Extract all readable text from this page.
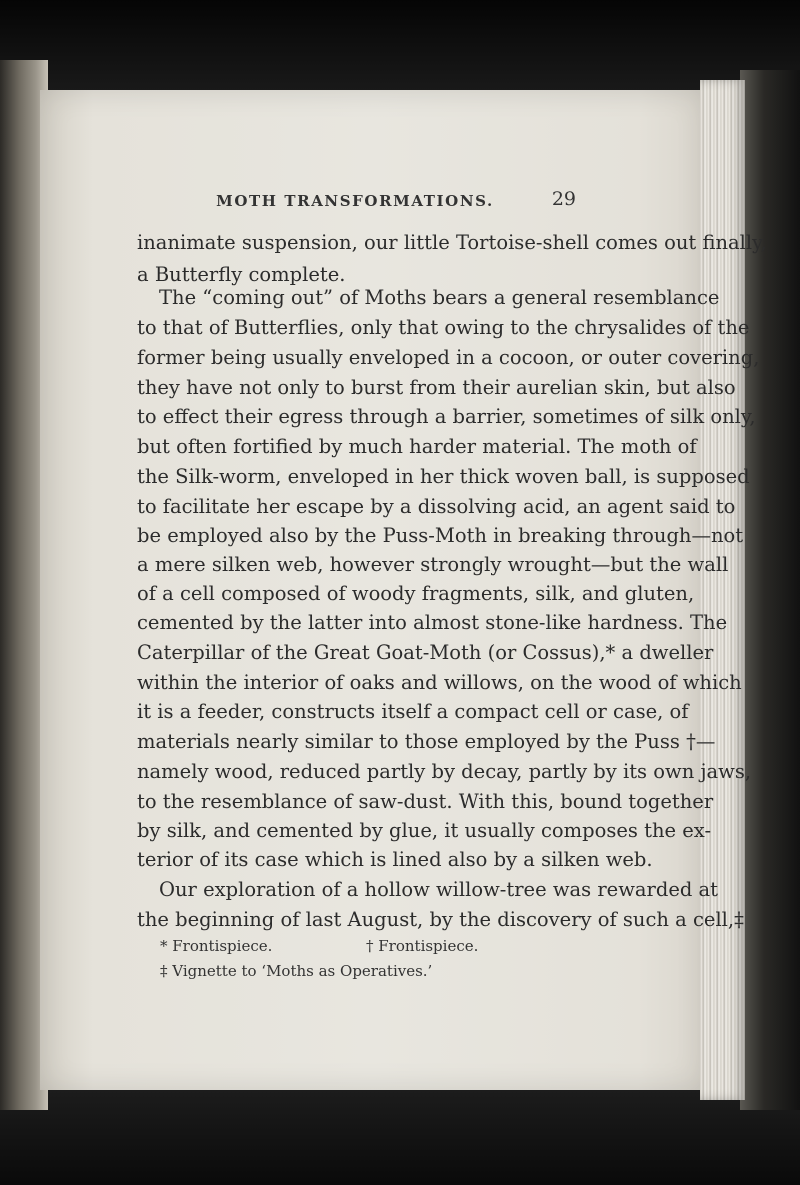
MOTH TRANSFORMATIONS.	29
inanimate suspension, our little Tortoise-shell comes out finally,
a Butterfly complete.
The “coming out” of Moths bears a general resemblance
to that of Butterflies, only that owing to the chrysalides of the
former being usually enveloped in a cocoon, or outer covering,
they have not only to burst from their aurelian skin, but also
to effect their egress through a barrier, sometimes of silk only,
but often fortified by much harder material. The moth of
the Silk-worm, enveloped in her thick woven ball, is supposed
to facilitate her escape by a dissolving acid, an agent said to
be employed also by the Puss-Moth in breaking through—not
a mere silken web, however strongly wrought—but the wall
of a cell composed of woody fragments, silk, and gluten,
cemented by the latter into almost stone-like hardness. The
Caterpillar of the Great Goat-Moth (or Cossus),* a dweller
within the interior of oaks and willows, on the wood of which
it is a feeder, constructs itself a compact cell or case, of
materials nearly similar to those employed by the Puss †—
namely wood, reduced partly by decay, partly by its own jaws,
to the resemblance of saw-dust. With this, bound together
by silk, and cemented by glue, it usually composes the ex-
terior of its case which is lined also by a silken web.
Our exploration of a hollow willow-tree was rewarded at
the beginning of last August, by the discovery of such a cell,‡
* Frontispiece.	† Frontispiece.
‡ Vignette to ‘Moths as Operatives.’
